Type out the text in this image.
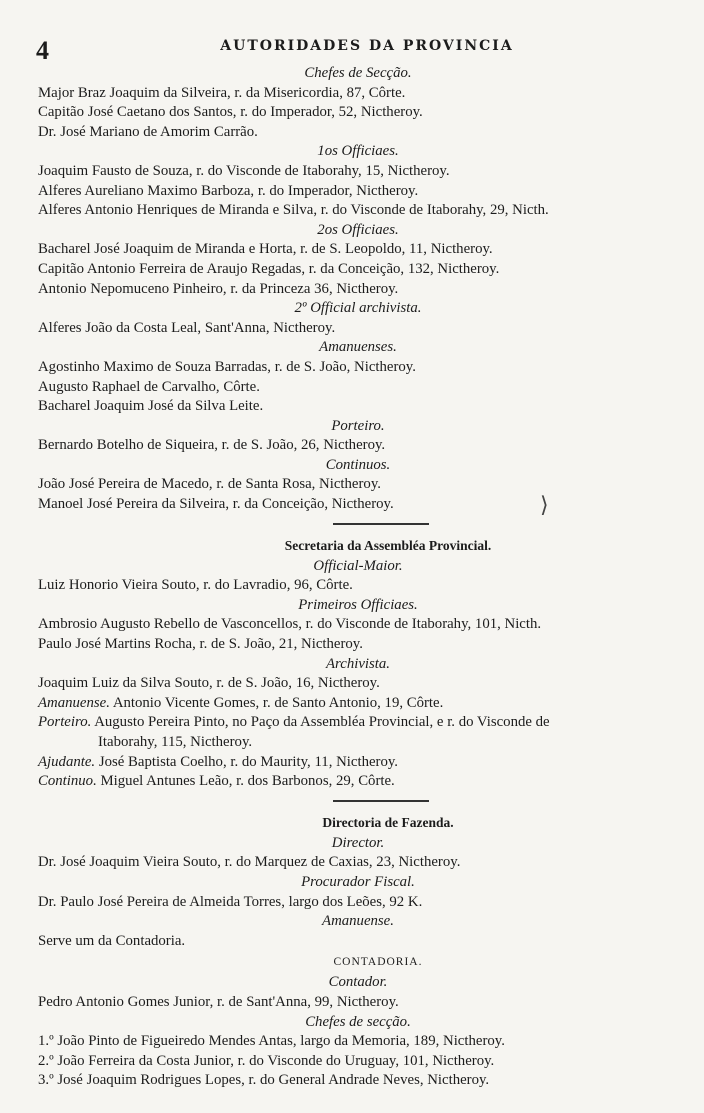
4	AUTORIDADES DA PROVINCIA
Chefes de Secção.
Major Braz Joaquim da Silveira, r. da Misericordia, 87, Côrte.
Capitão José Caetano dos Santos, r. do Imperador, 52, Nictheroy.
Dr. José Mariano de Amorim Carrão.
1os Officiaes.
Joaquim Fausto de Souza, r. do Visconde de Itaborahy, 15, Nictheroy.
Alferes Aureliano Maximo Barboza, r. do Imperador, Nictheroy.
Alferes Antonio Henriques de Miranda e Silva, r. do Visconde de Itaborahy, 29, Nicth.
2os Officiaes.
Bacharel José Joaquim de Miranda e Horta, r. de S. Leopoldo, 11, Nictheroy.
Capitão Antonio Ferreira de Araujo Regadas, r. da Conceição, 132, Nictheroy.
Antonio Nepomuceno Pinheiro, r. da Princeza 36, Nictheroy.
2º Official archivista.
Alferes João da Costa Leal, Sant'Anna, Nictheroy.
Amanuenses.
Agostinho Maximo de Souza Barradas, r. de S. João, Nictheroy.
Augusto Raphael de Carvalho, Côrte.
Bacharel Joaquim José da Silva Leite.
Porteiro.
Bernardo Botelho de Siqueira, r. de S. João, 26, Nictheroy.
Continuos.
João José Pereira de Macedo, r. de Santa Rosa, Nictheroy.
Manoel José Pereira da Silveira, r. da Conceição, Nictheroy.
Secretaria da Assembléa Provincial.
Official-Maior.
Luiz Honorio Vieira Souto, r. do Lavradio, 96, Côrte.
Primeiros Officiaes.
Ambrosio Augusto Rebello de Vasconcellos, r. do Visconde de Itaborahy, 101, Nicth.
Paulo José Martins Rocha, r. de S. João, 21, Nictheroy.
Archivista.
Joaquim Luiz da Silva Souto, r. de S. João, 16, Nictheroy.
Amanuense. Antonio Vicente Gomes, r. de Santo Antonio, 19, Côrte.
Porteiro. Augusto Pereira Pinto, no Paço da Assembléa Provincial, e r. do Visconde de
Itaborahy, 115, Nictheroy.
Ajudante. José Baptista Coelho, r. do Maurity, 11, Nictheroy.
Continuo. Miguel Antunes Leão, r. dos Barbonos, 29, Côrte.
Directoria de Fazenda.
Director.
Dr. José Joaquim Vieira Souto, r. do Marquez de Caxias, 23, Nictheroy.
Procurador Fiscal.
Dr. Paulo José Pereira de Almeida Torres, largo dos Leões, 92 K.
Amanuense.
Serve um da Contadoria.
CONTADORIA.
Contador.
Pedro Antonio Gomes Junior, r. de Sant'Anna, 99, Nictheroy.
Chefes de secção.
1.º João Pinto de Figueiredo Mendes Antas, largo da Memoria, 189, Nictheroy.
2.º João Ferreira da Costa Junior, r. do Visconde do Uruguay, 101, Nictheroy.
3.º José Joaquim Rodrigues Lopes, r. do General Andrade Neves, Nictheroy.
⟩
